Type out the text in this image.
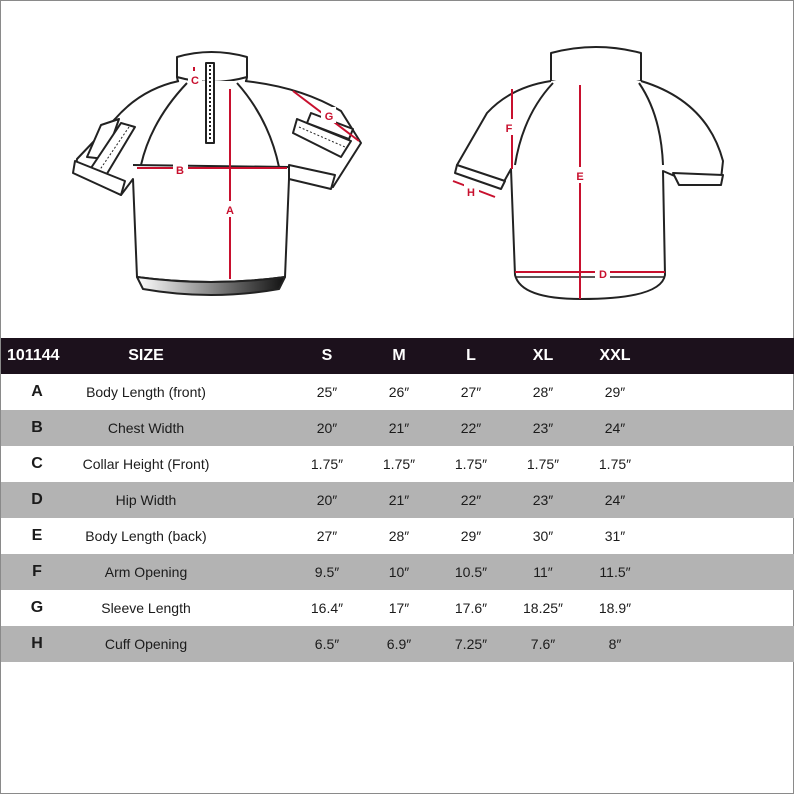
A
B
C
G
E
D
F
H
101144	SIZE	S	M	L	XL	XXL
A	Body Length (front)	25″	26″	27″	28″	29″
B	Chest Width	20″	21″	22″	23″	24″
C	Collar Height (Front)	1.75″	1.75″	1.75″	1.75″	1.75″
D	Hip Width	20″	21″	22″	23″	24″
E	Body Length (back)	27″	28″	29″	30″	31″
F	Arm Opening	9.5″	10″	10.5″	11″	11.5″
G	Sleeve Length	16.4″	17″	17.6″	18.25″	18.9″
H	Cuff Opening	6.5″	6.9″	7.25″	7.6″	8″
